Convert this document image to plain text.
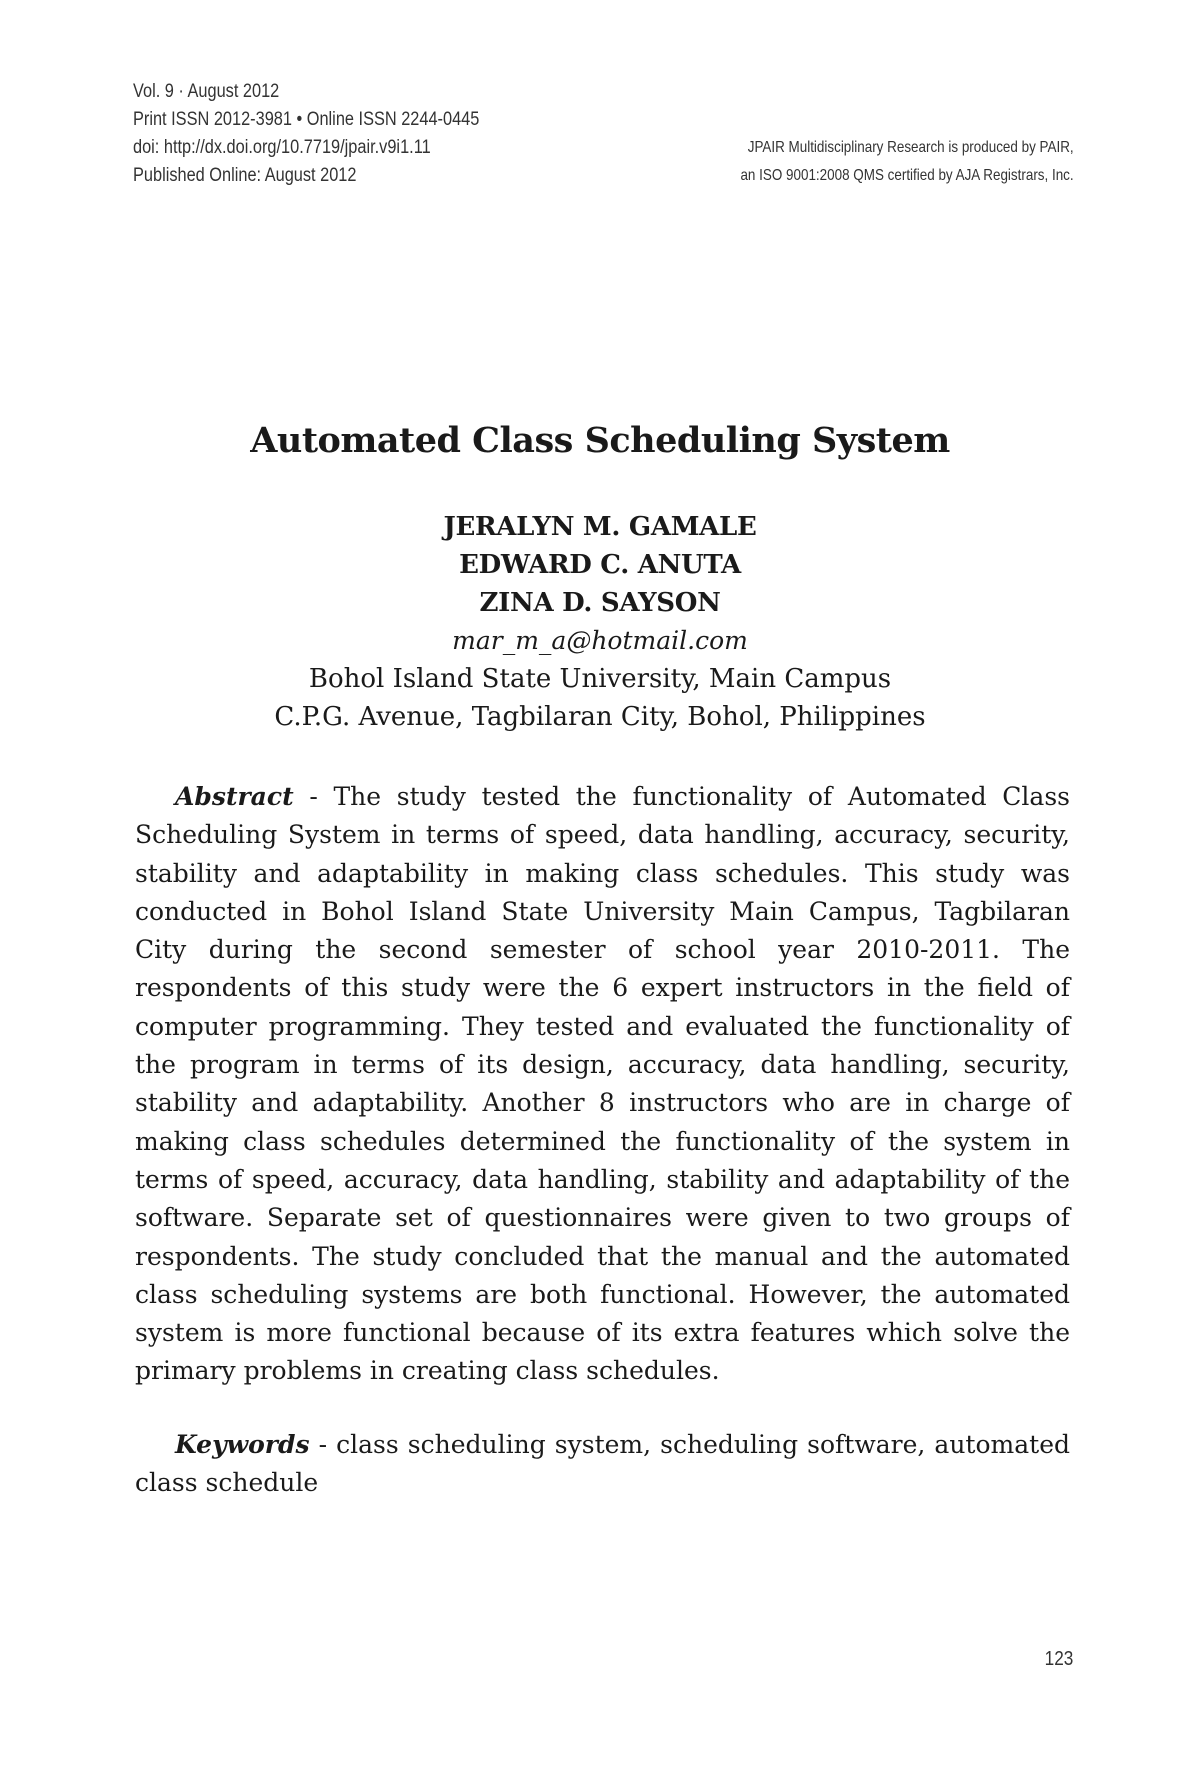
Vol. 9 · August 2012
Print ISSN 2012-3981 • Online ISSN 2244-0445
doi: http://dx.doi.org/10.7719/jpair.v9i1.11
Published Online: August 2012
JPAIR Multidisciplinary Research is produced by PAIR,
an ISO 9001:2008 QMS certified by AJA Registrars, Inc.
Automated Class Scheduling System
JERALYN M. GAMALE
EDWARD C. ANUTA
ZINA D. SAYSON
mar_m_a@hotmail.com
Bohol Island State University, Main Campus
C.P.G. Avenue, Tagbilaran City, Bohol, Philippines

Abstract - The study tested the functionality of Automated Class Scheduling System in terms of speed, data handling, accuracy, security, stability and adaptability in making class schedules. This study was conducted in Bohol Island State University Main Campus, Tagbilaran City during the second semester of school year 2010-2011. The respondents of this study were the 6 expert instructors in the field of computer programming. They tested and evaluated the functionality of the program in terms of its design, accuracy, data handling, security, stability and adaptability. Another 8 instructors who are in charge of making class schedules determined the functionality of the system in terms of speed, accuracy, data handling, stability and adaptability of the software. Separate set of questionnaires were given to two groups of respondents. The study concluded that the manual and the automated class scheduling systems are both functional. However, the automated system is more functional because of its extra features which solve the primary problems in creating class schedules.

Keywords - class scheduling system, scheduling software, automated class schedule

123
